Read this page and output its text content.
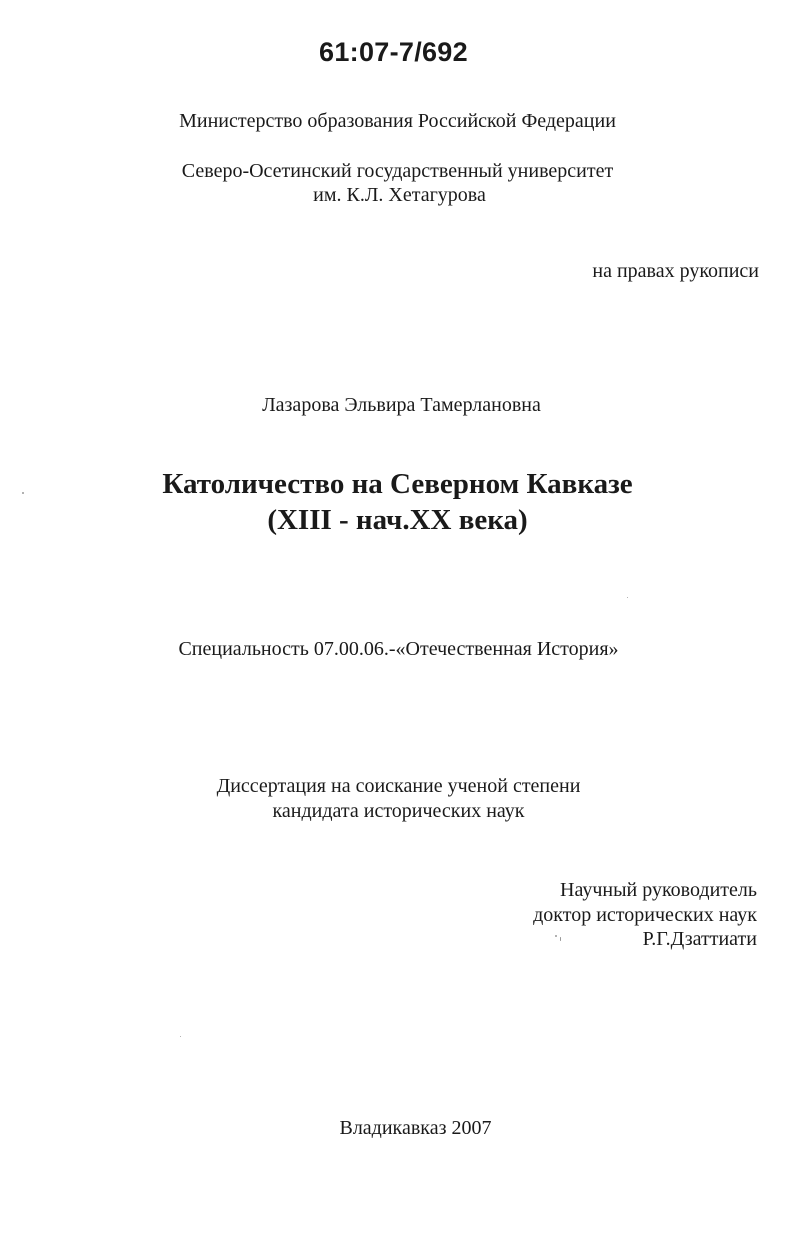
61:07-7/692
Министерство образования Российской Федерации
Северо-Осетинский государственный университет
им. К.Л. Хетагурова
на правах рукописи
Лазарова Эльвира Тамерлановна
Католичество на Северном Кавказе
(XIII - нач.XX века)
Специальность 07.00.06.-«Отечественная История»
Диссертация на соискание ученой степени
кандидата исторических наук
Научный руководитель
доктор исторических наук
Р.Г.Дзаттиати
Владикавказ 2007
